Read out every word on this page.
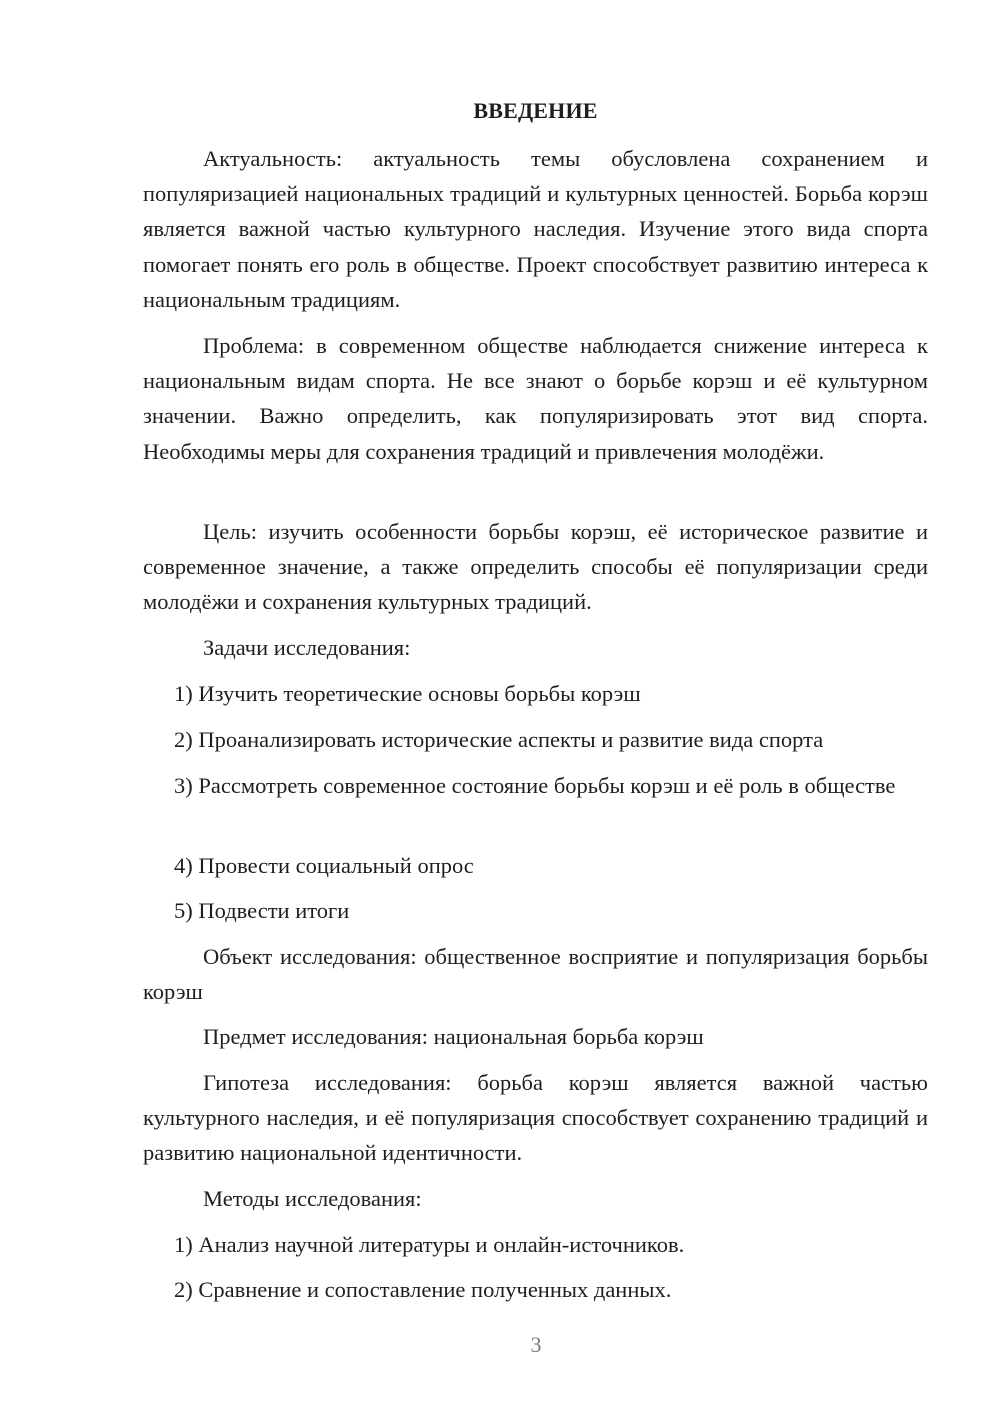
ВВЕДЕНИЕ

Актуальность: актуальность темы обусловлена сохранением и популяризацией национальных традиций и культурных ценностей. Борьба корэш является важной частью культурного наследия. Изучение этого вида спорта помогает понять его роль в обществе. Проект способствует развитию интереса к национальным традициям.

Проблема: в современном обществе наблюдается снижение интереса к национальным видам спорта. Не все знают о борьбе корэш и её культурном значении. Важно определить, как популяризировать этот вид спорта. Необходимы меры для сохранения традиций и привлечения молодёжи.

Цель: изучить особенности борьбы корэш, её историческое развитие и современное значение, а также определить способы её популяризации среди молодёжи и сохранения культурных традиций.

Задачи исследования:

1) Изучить теоретические основы борьбы корэш

2) Проанализировать исторические аспекты и развитие вида спорта

3) Рассмотреть современное состояние борьбы корэш и её роль в обществе

4) Провести социальный опрос

5) Подвести итоги

Объект исследования: общественное восприятие и популяризация борьбы корэш

Предмет исследования: национальная борьба корэш

Гипотеза исследования: борьба корэш является важной частью культурного наследия, и её популяризация способствует сохранению традиций и развитию национальной идентичности.

Методы исследования:

1) Анализ научной литературы и онлайн-источников.

2) Сравнение и сопоставление полученных данных.

3
